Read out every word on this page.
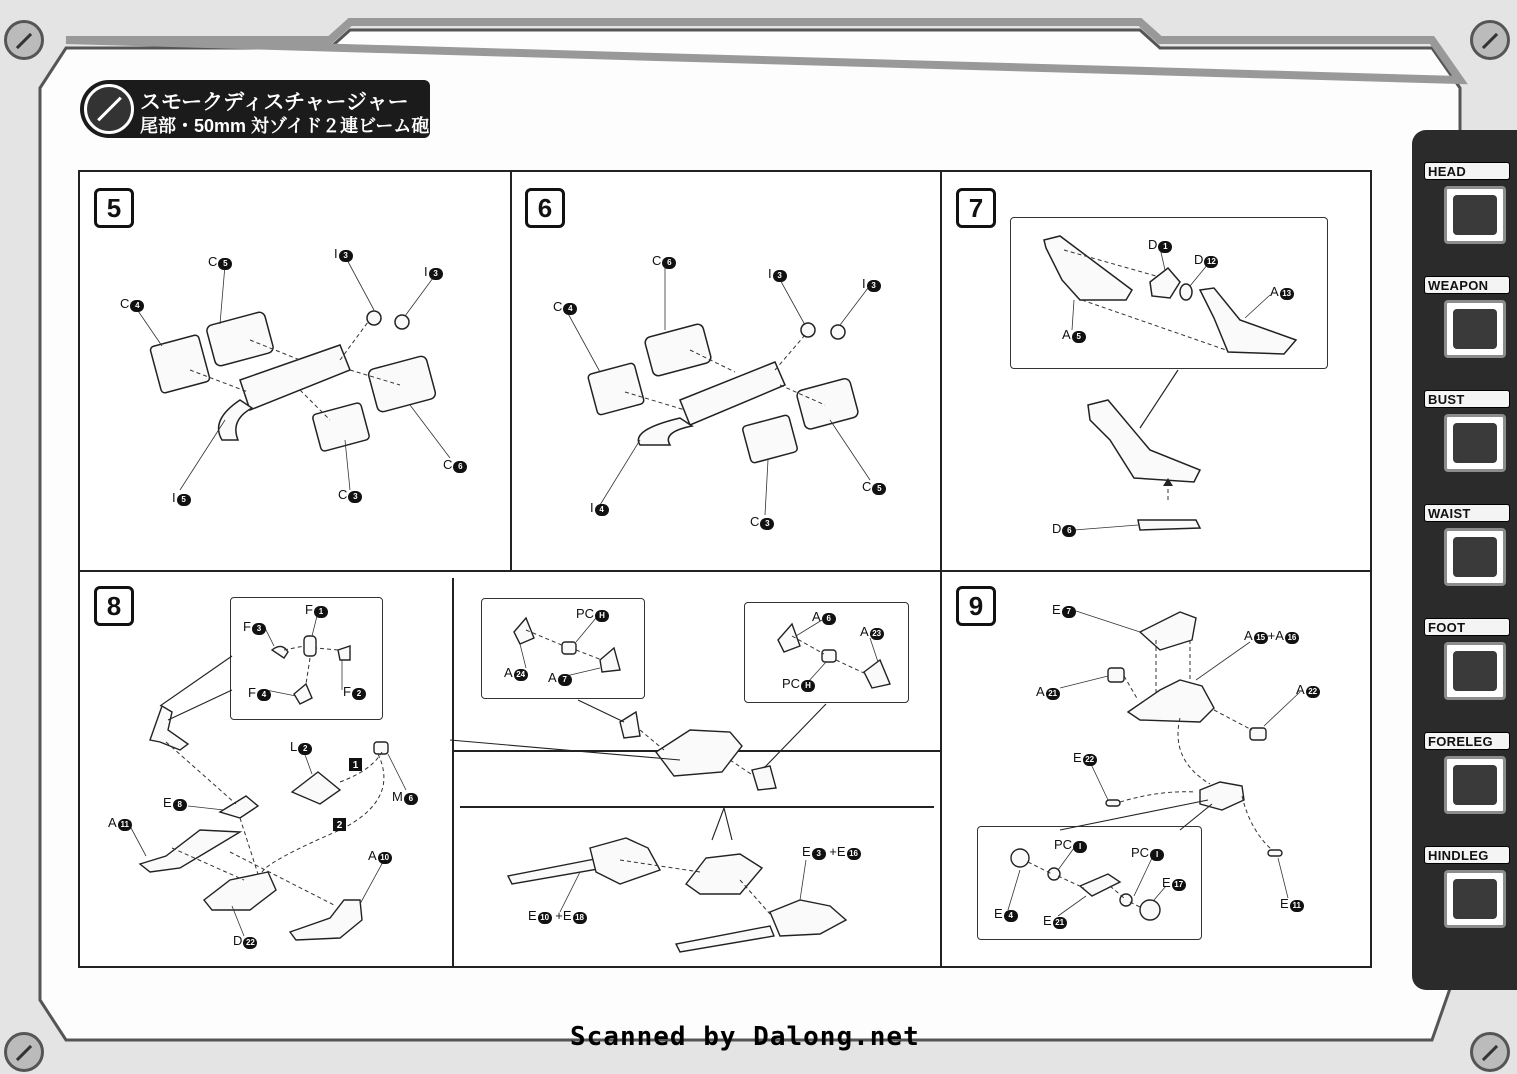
スモークディスチャージャー
尾部・50mm 対ゾイド２連ビーム砲
5
C 5
C 4
I 3
I 3
I 5	C 3
C 6
6
C 6
C 4
I 3
I 3
I 4
C 3
C 5
7
D 1
D 12
A 13
A 5
D 6
8
1
2
F 1
F 3
F 2
F 4
L 2
M 6
E 8
A 11
A 10
D 22
PC H
A 24 A 7
A 6
A 23
PC H
E 3 +E 16
E 10 +E 18
9	E 7
A 15 +A 16
A 21	A 22
E 22
PC I	PC I
E 17
E 4	E 21
E 11
HEAD
WEAPON
BUST
WAIST
FOOT
FORELEG
HINDLEG
Scanned by Dalong.net
